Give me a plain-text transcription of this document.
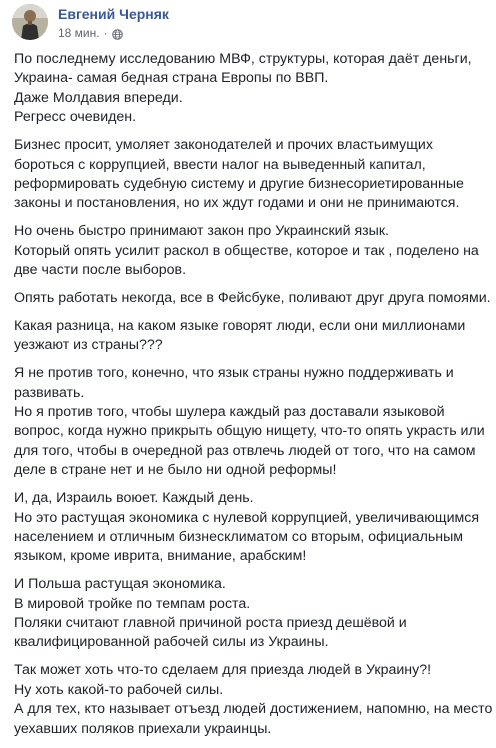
Евгений Черняк
18 мин. ·
По последнему исследованию МВФ, структуры, которая даёт деньги,
Украина- самая бедная страна Европы по ВВП.
Даже Молдавия впереди.
Регресс очевиден.
Бизнес просит, умоляет законодателей и прочих властьимущих
бороться с коррупцией, ввести налог на выведенный капитал,
реформировать судебную систему и другие бизнесориетированные
законы и постановления, но их ждут годами и они не принимаются.
Но очень быстро принимают закон про Украинский язык.
Который опять усилит раскол в обществе, которое и так , поделено на
две части после выборов.
Опять работать некогда, все в Фейсбуке, поливают друг друга помоями.
Какая разница, на каком языке говорят люди, если они миллионами
уезжают из страны???
Я не против того, конечно, что язык страны нужно поддерживать и
развивать.
Но я против того, чтобы шулера каждый раз доставали языковой
вопрос, когда нужно прикрыть общую нищету, что-то опять украсть или
для того, чтобы в очередной раз отвлечь людей от того, что на самом
деле в стране нет и не было ни одной реформы!
И, да, Израиль воюет. Каждый день.
Но это растущая экономика с нулевой коррупцией, увеличивающимся
населением и отличным бизнесклиматом со вторым, официальным
языком, кроме иврита, внимание, арабским!
И Польша растущая экономика.
В мировой тройке по темпам роста.
Поляки считают главной причиной роста приезд дешёвой и
квалифицированной рабочей силы из Украины.
Так может хоть что-то сделаем для приезда людей в Украину?!
Ну хоть какой-то рабочей силы.
А для тех, кто называет отъезд людей достижением, напомню, на место
уехавших поляков приехали украинцы.
